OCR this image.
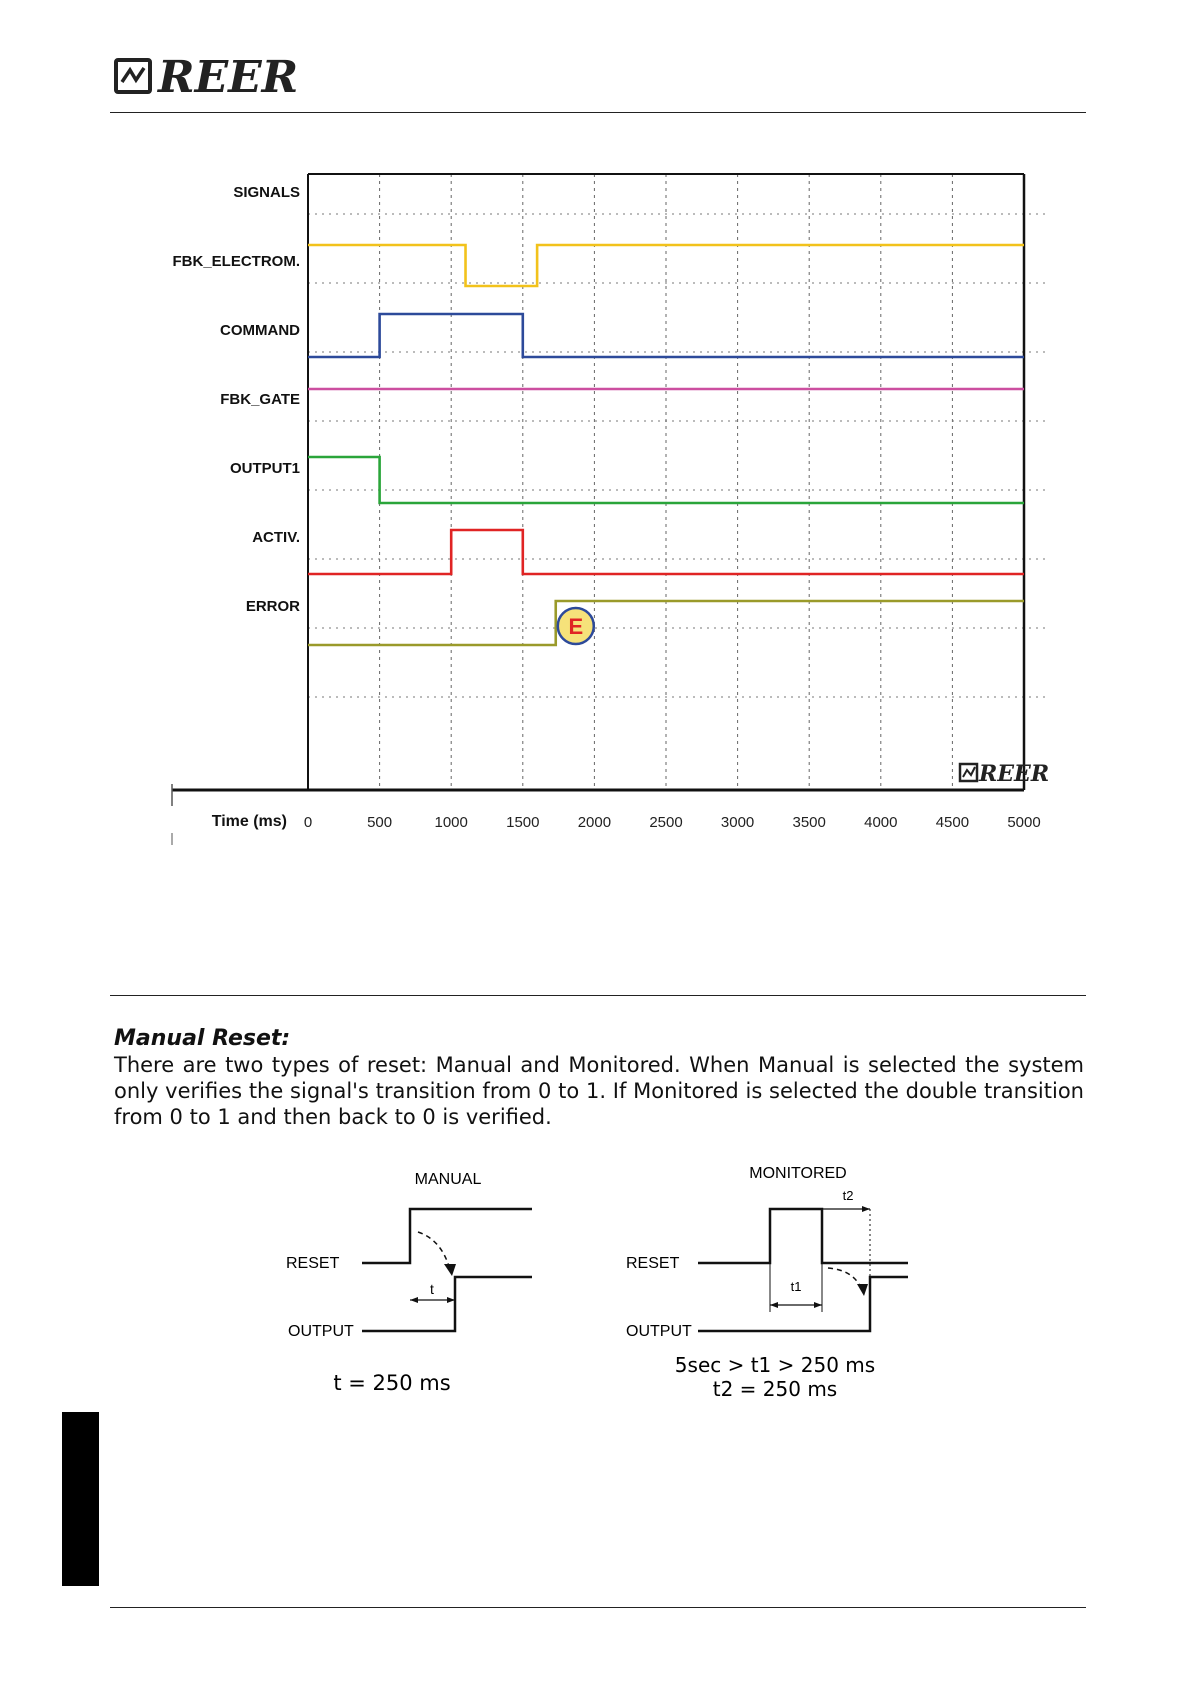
REER
SIGNALS
FBK_ELECTROM.
COMMAND
FBK_GATE
OUTPUT1
ACTIV.
ERROR
E
REER
Time (ms) 0	500	1000	1500	2000	2500	3000	3500	4000	4500	5000
Manual Reset:
There are two types of reset: Manual and Monitored. When Manual is selected the system only verifies the signal's transition from 0 to 1. If Monitored is selected the double transition from 0 to 1 and then back to 0 is verified.
MANUAL
RESET
OUTPUT
t
t = 250 ms
MONITORED
RESET
OUTPUT
t2
t1
5sec > t1 > 250 ms
t2 = 250 ms
